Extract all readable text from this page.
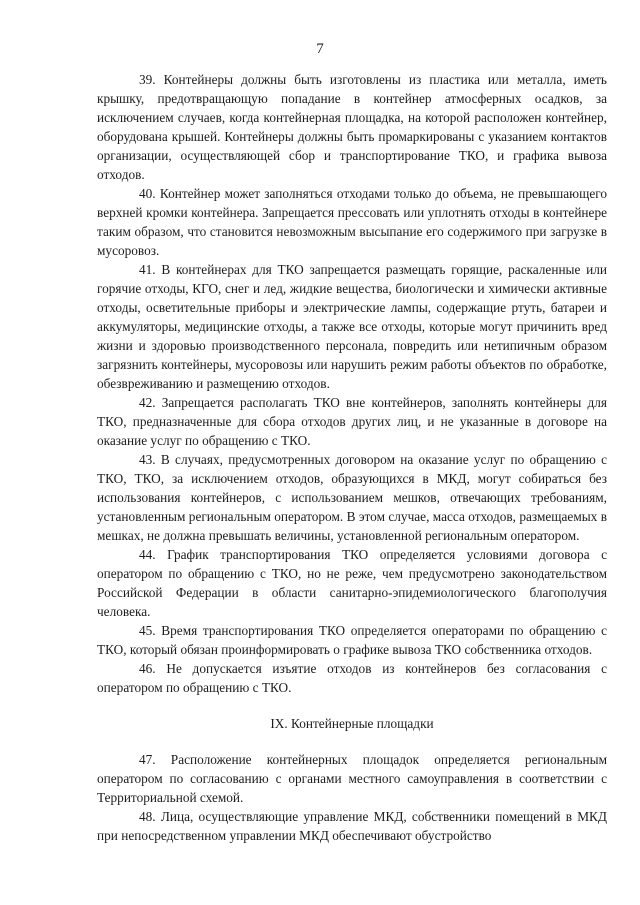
7

39. Контейнеры должны быть изготовлены из пластика или металла, иметь крышку, предотвращающую попадание в контейнер атмосферных осадков, за исключением случаев, когда контейнерная площадка, на которой расположен контейнер, оборудована крышей. Контейнеры должны быть промаркированы с указанием контактов организации, осуществляющей сбор и транспортирование ТКО, и графика вывоза отходов.

40. Контейнер может заполняться отходами только до объема, не превышающего верхней кромки контейнера. Запрещается прессовать или уплотнять отходы в контейнере таким образом, что становится невозможным высыпание его содержимого при загрузке в мусоровоз.

41. В контейнерах для ТКО запрещается размещать горящие, раскаленные или горячие отходы, КГО, снег и лед, жидкие вещества, биологически и химически активные отходы, осветительные приборы и электрические лампы, содержащие ртуть, батареи и аккумуляторы, медицинские отходы, а также все отходы, которые могут причинить вред жизни и здоровью производственного персонала, повредить или нетипичным образом загрязнить контейнеры, мусоровозы или нарушить режим работы объектов по обработке, обезвреживанию и размещению отходов.

42. Запрещается располагать ТКО вне контейнеров, заполнять контейнеры для ТКО, предназначенные для сбора отходов других лиц, и не указанные в договоре на оказание услуг по обращению с ТКО.

43. В случаях, предусмотренных договором на оказание услуг по обращению с ТКО, ТКО, за исключением отходов, образующихся в МКД, могут собираться без использования контейнеров, с использованием мешков, отвечающих требованиям, установленным региональным оператором. В этом случае, масса отходов, размещаемых в мешках, не должна превышать величины, установленной региональным оператором.

44. График транспортирования ТКО определяется условиями договора с оператором по обращению с ТКО, но не реже, чем предусмотрено законодательством Российской Федерации в области санитарно-эпидемиологического благополучия человека.

45. Время транспортирования ТКО определяется операторами по обращению с ТКО, который обязан проинформировать о графике вывоза ТКО собственника отходов.

46. Не допускается изъятие отходов из контейнеров без согласования с оператором по обращению с ТКО.

IX. Контейнерные площадки

47. Расположение контейнерных площадок определяется региональным оператором по согласованию с органами местного самоуправления в соответствии с Территориальной схемой.

48. Лица, осуществляющие управление МКД, собственники помещений в МКД при непосредственном управлении МКД обеспечивают обустройство
